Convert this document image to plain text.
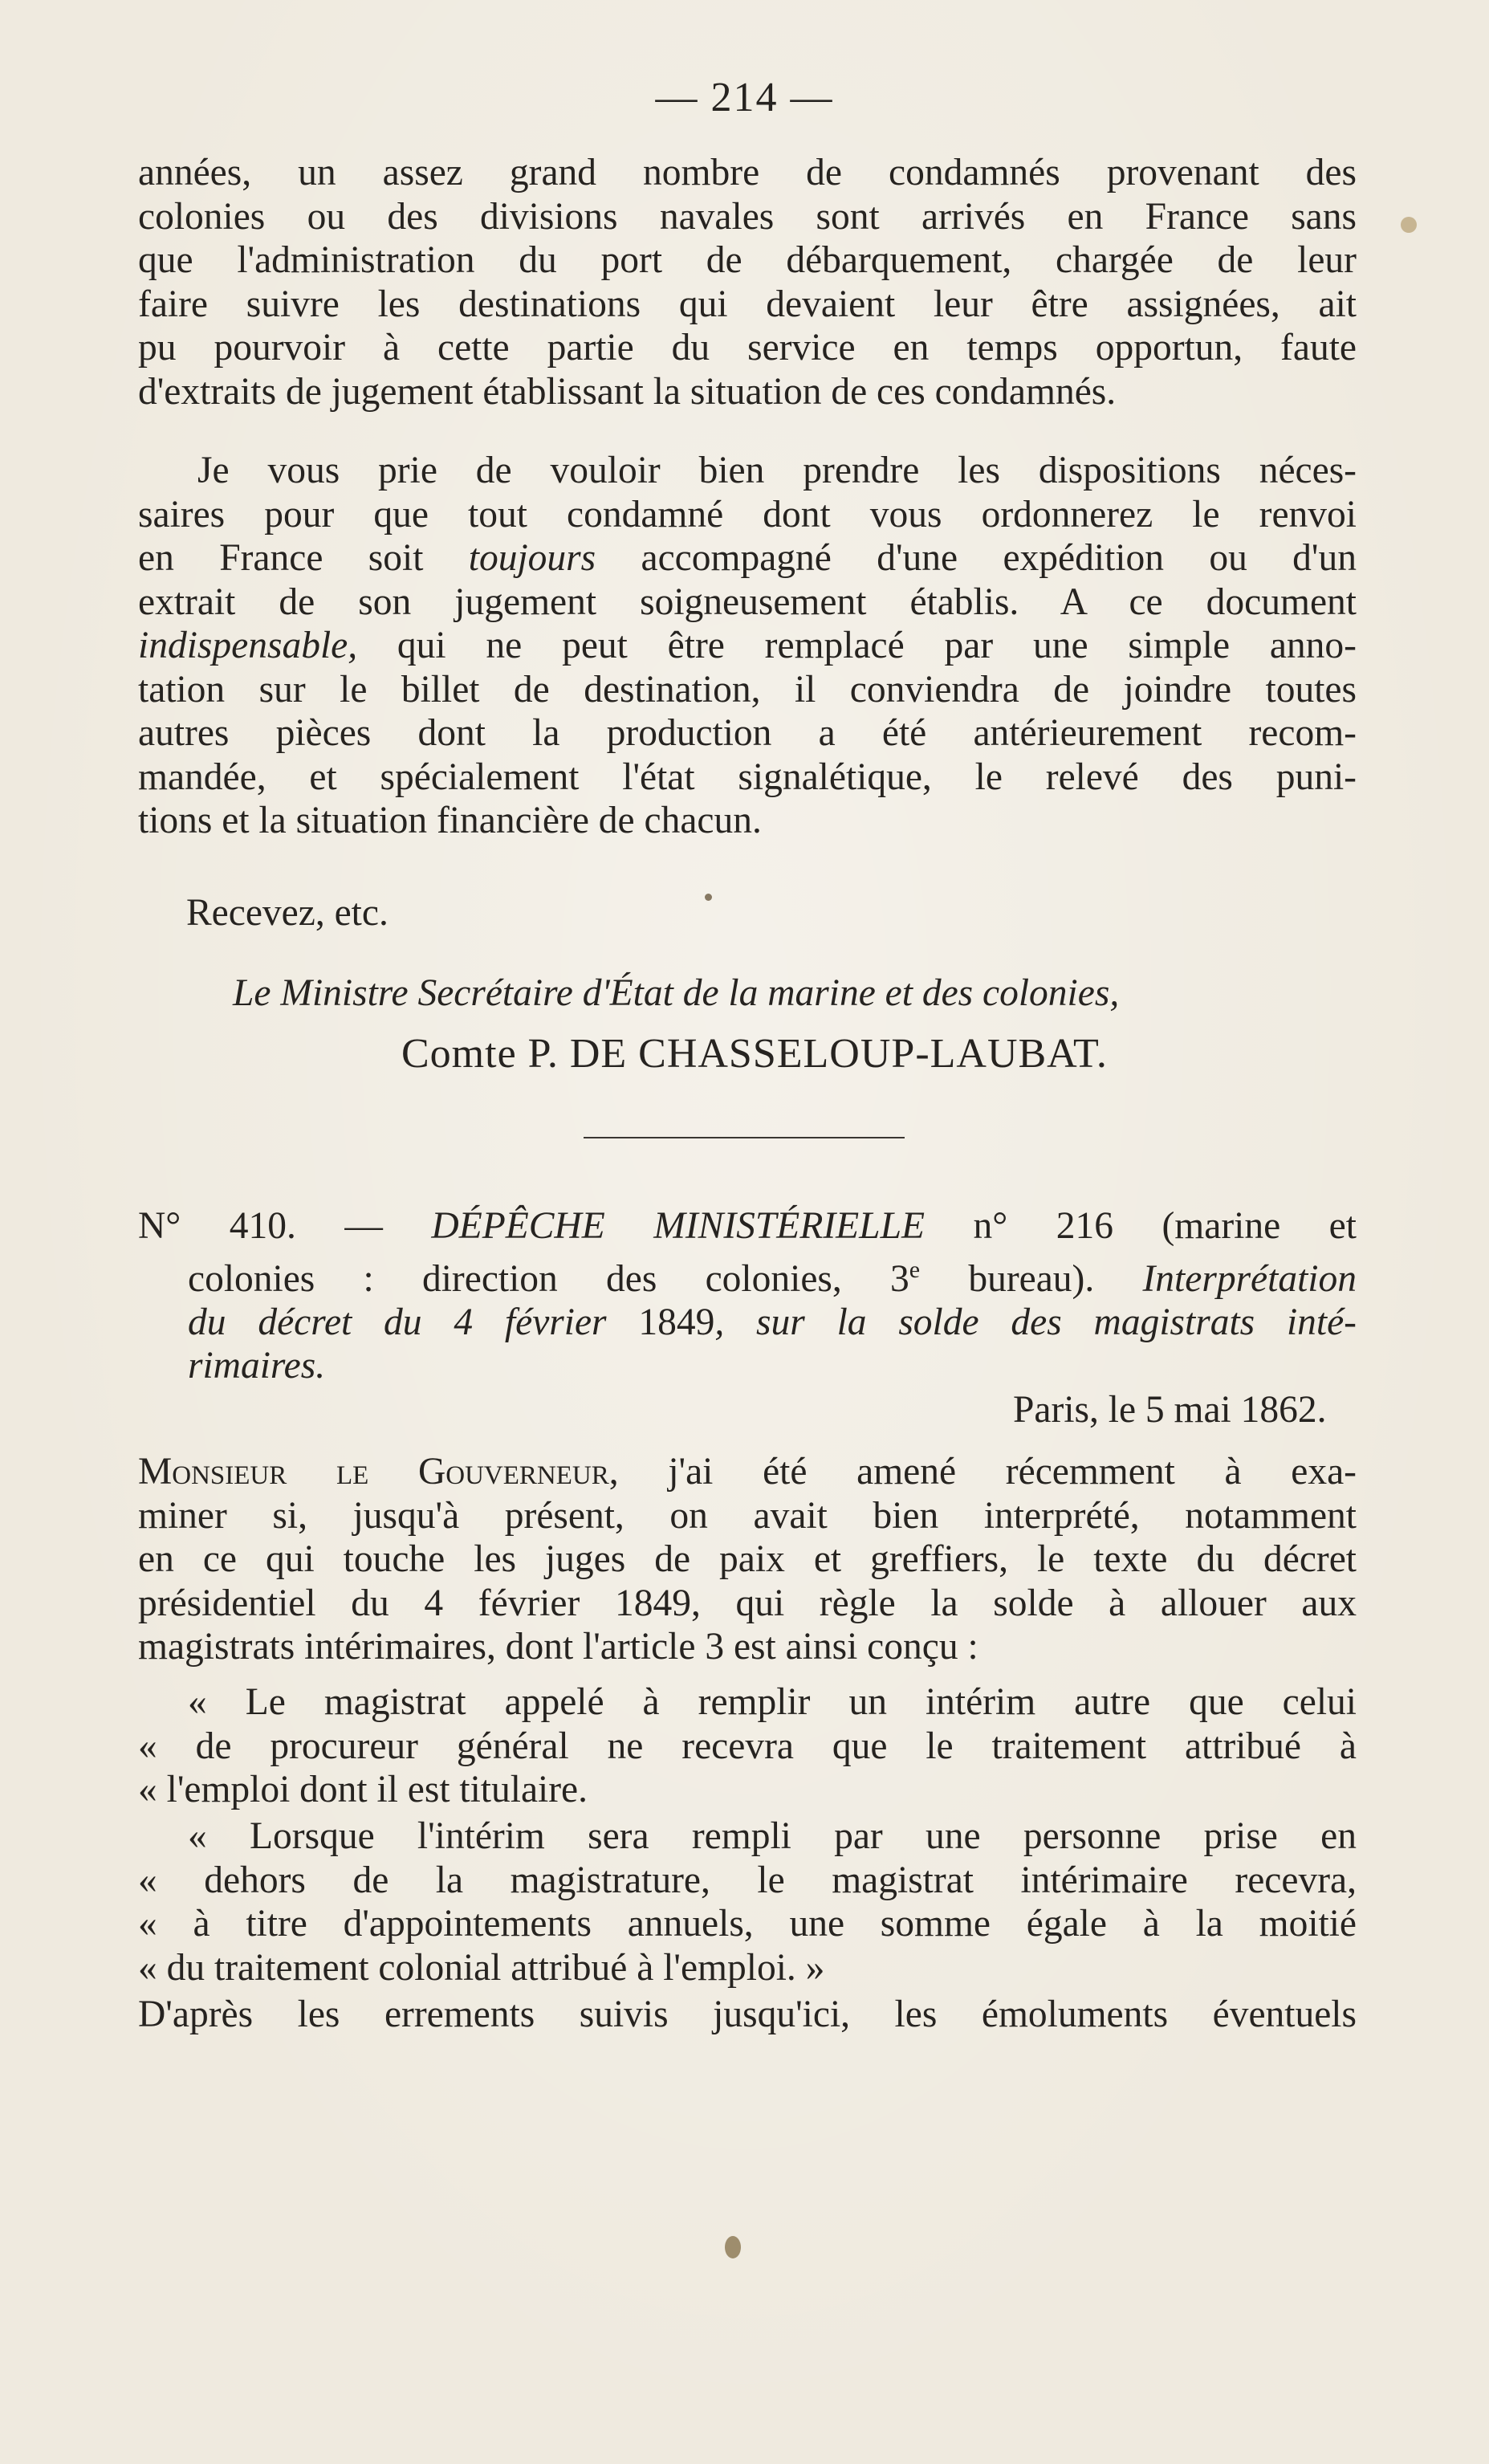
— 214 —
années, un assez grand nombre de condamnés provenant des
colonies ou des divisions navales sont arrivés en France sans
que l'administration du port de débarquement, chargée de leur
faire suivre les destinations qui devaient leur être assignées, ait
pu pourvoir à cette partie du service en temps opportun, faute
d'extraits de jugement établissant la situation de ces condamnés.
Je vous prie de vouloir bien prendre les dispositions néces-
saires pour que tout condamné dont vous ordonnerez le renvoi
en France soit toujours accompagné d'une expédition ou d'un
extrait de son jugement soigneusement établis. A ce document
indispensable, qui ne peut être remplacé par une simple anno-
tation sur le billet de destination, il conviendra de joindre toutes
autres pièces dont la production a été antérieurement recom-
mandée, et spécialement l'état signalétique, le relevé des puni-
tions et la situation financière de chacun.
Recevez, etc.
Le Ministre Secrétaire d'État de la marine et des colonies,
Comte P. DE CHASSELOUP-LAUBAT.
N° 410. — DÉPÊCHE MINISTÉRIELLE n° 216 (marine et
colonies : direction des colonies, 3e bureau). Interprétation
du décret du 4 février 1849, sur la solde des magistrats inté-
rimaires.
Paris, le 5 mai 1862.
Monsieur le Gouverneur, j'ai été amené récemment à exa-
miner si, jusqu'à présent, on avait bien interprété, notamment
en ce qui touche les juges de paix et greffiers, le texte du décret
présidentiel du 4 février 1849, qui règle la solde à allouer aux
magistrats intérimaires, dont l'article 3 est ainsi conçu :
« Le magistrat appelé à remplir un intérim autre que celui
« de procureur général ne recevra que le traitement attribué à
« l'emploi dont il est titulaire.
« Lorsque l'intérim sera rempli par une personne prise en
« dehors de la magistrature, le magistrat intérimaire recevra,
« à titre d'appointements annuels, une somme égale à la moitié
« du traitement colonial attribué à l'emploi. »
D'après les errements suivis jusqu'ici, les émoluments éventuels
